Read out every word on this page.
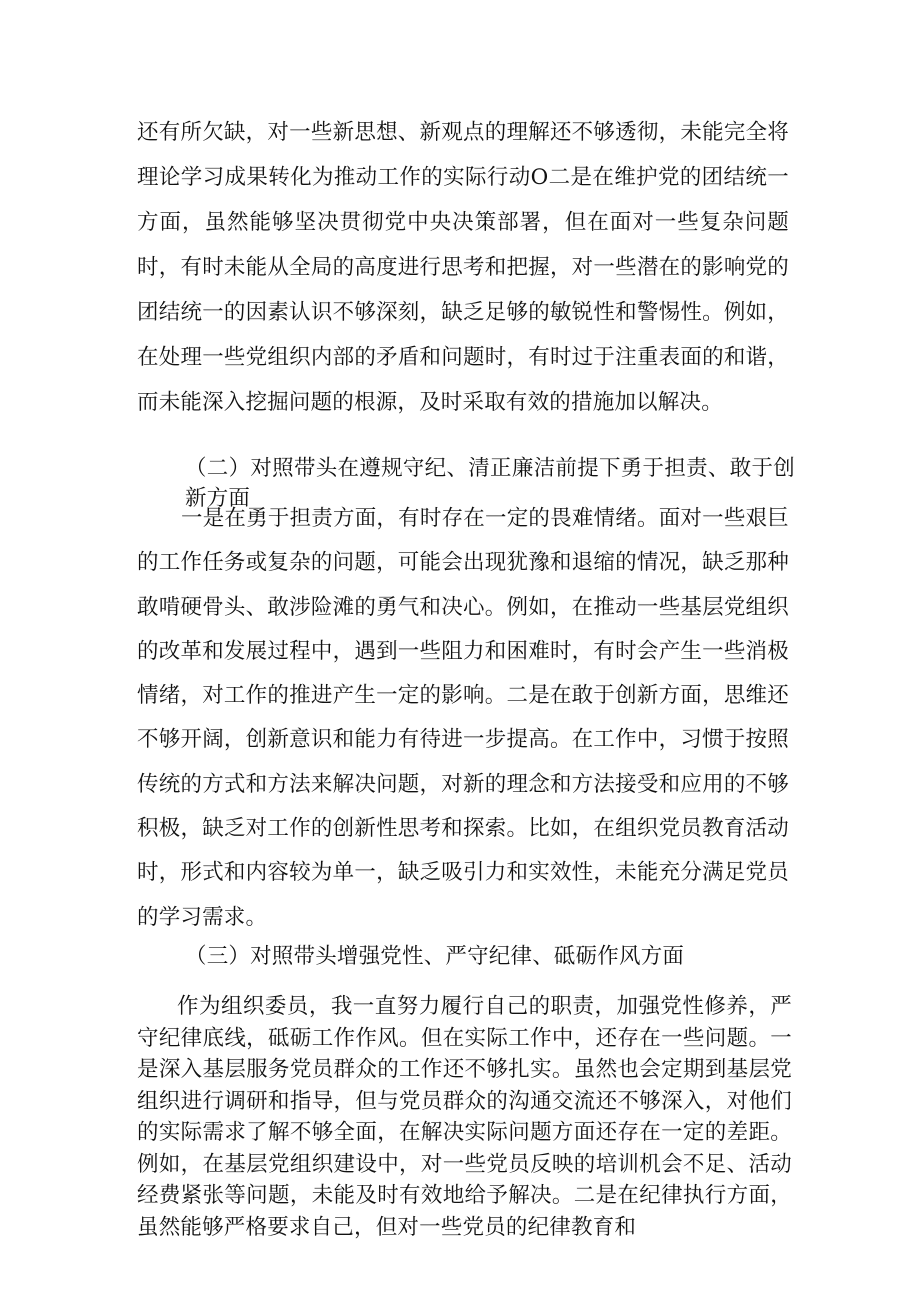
还有所欠缺，对一些新思想、新观点的理解还不够透彻，未能完全将理论学习成果转化为推动工作的实际行动O二是在维护党的团结统一方面，虽然能够坚决贯彻党中央决策部署，但在面对一些复杂问题时，有时未能从全局的高度进行思考和把握，对一些潜在的影响党的团结统一的因素认识不够深刻，缺乏足够的敏锐性和警惕性。例如，在处理一些党组织内部的矛盾和问题时，有时过于注重表面的和谐，而未能深入挖掘问题的根源，及时采取有效的措施加以解决。

（二）对照带头在遵规守纪、清正廉洁前提下勇于担责、敢于创新方面

一是在勇于担责方面，有时存在一定的畏难情绪。面对一些艰巨的工作任务或复杂的问题，可能会出现犹豫和退缩的情况，缺乏那种敢啃硬骨头、敢涉险滩的勇气和决心。例如，在推动一些基层党组织的改革和发展过程中，遇到一些阻力和困难时，有时会产生一些消极情绪，对工作的推进产生一定的影响。二是在敢于创新方面，思维还不够开阔，创新意识和能力有待进一步提高。在工作中，习惯于按照传统的方式和方法来解决问题，对新的理念和方法接受和应用的不够积极，缺乏对工作的创新性思考和探索。比如，在组织党员教育活动时，形式和内容较为单一，缺乏吸引力和实效性，未能充分满足党员的学习需求。

（三）对照带头增强党性、严守纪律、砥砺作风方面

作为组织委员，我一直努力履行自己的职责，加强党性修养，严守纪律底线，砥砺工作作风。但在实际工作中，还存在一些问题。一是深入基层服务党员群众的工作还不够扎实。虽然也会定期到基层党组织进行调研和指导，但与党员群众的沟通交流还不够深入，对他们的实际需求了解不够全面，在解决实际问题方面还存在一定的差距。例如，在基层党组织建设中，对一些党员反映的培训机会不足、活动经费紧张等问题，未能及时有效地给予解决。二是在纪律执行方面，虽然能够严格要求自己，但对一些党员的纪律教育和
